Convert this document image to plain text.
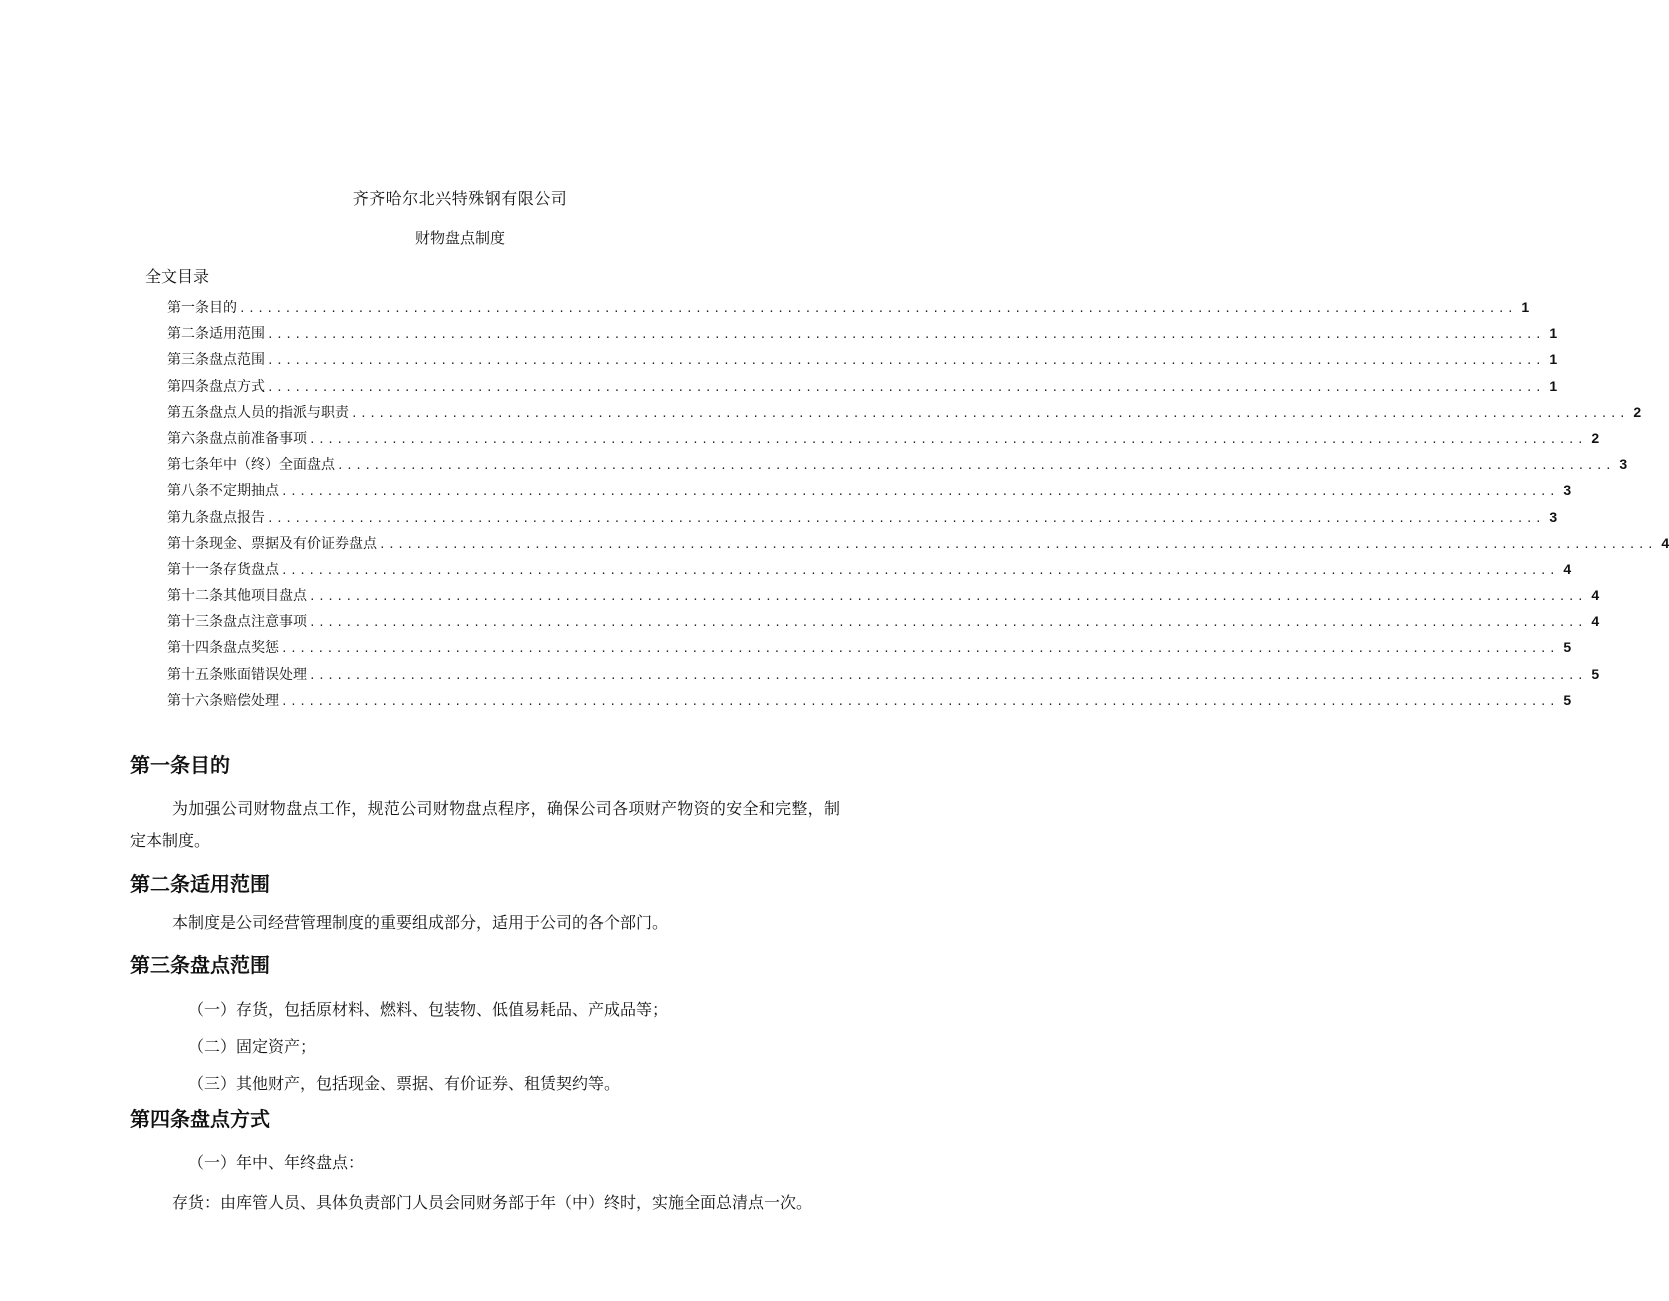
齐齐哈尔北兴特殊钢有限公司
财物盘点制度
全文目录
第一条目的 ............................................................................................................................................ 1
第二条适用范围 ............................................................................................................................................ 1
第三条盘点范围 ............................................................................................................................................ 1
第四条盘点方式 ............................................................................................................................................ 1
第五条盘点人员的指派与职责 ............................................................................................................................................ 2
第六条盘点前准备事项 ............................................................................................................................................ 2
第七条年中（终）全面盘点 ............................................................................................................................................ 3
第八条不定期抽点 ............................................................................................................................................ 3
第九条盘点报告 ............................................................................................................................................ 3
第十条现金、票据及有价证券盘点 ............................................................................................................................................ 4
第十一条存货盘点 ............................................................................................................................................ 4
第十二条其他项目盘点 ............................................................................................................................................ 4
第十三条盘点注意事项 ............................................................................................................................................ 4
第十四条盘点奖惩 ............................................................................................................................................ 5
第十五条账面错误处理 ............................................................................................................................................ 5
第十六条赔偿处理 ............................................................................................................................................ 5
第一条目的

为加强公司财物盘点工作，规范公司财物盘点程序，确保公司各项财产物资的安全和完整，制定本制度。

第二条适用范围

本制度是公司经营管理制度的重要组成部分，适用于公司的各个部门。

第三条盘点范围
（一）存货，包括原材料、燃料、包装物、低值易耗品、产成品等；
（二）固定资产；
（三）其他财产，包括现金、票据、有价证券、租赁契约等。
第四条盘点方式
（一）年中、年终盘点：

存货：由库管人员、具体负责部门人员会同财务部于年（中）终时，实施全面总清点一次。
